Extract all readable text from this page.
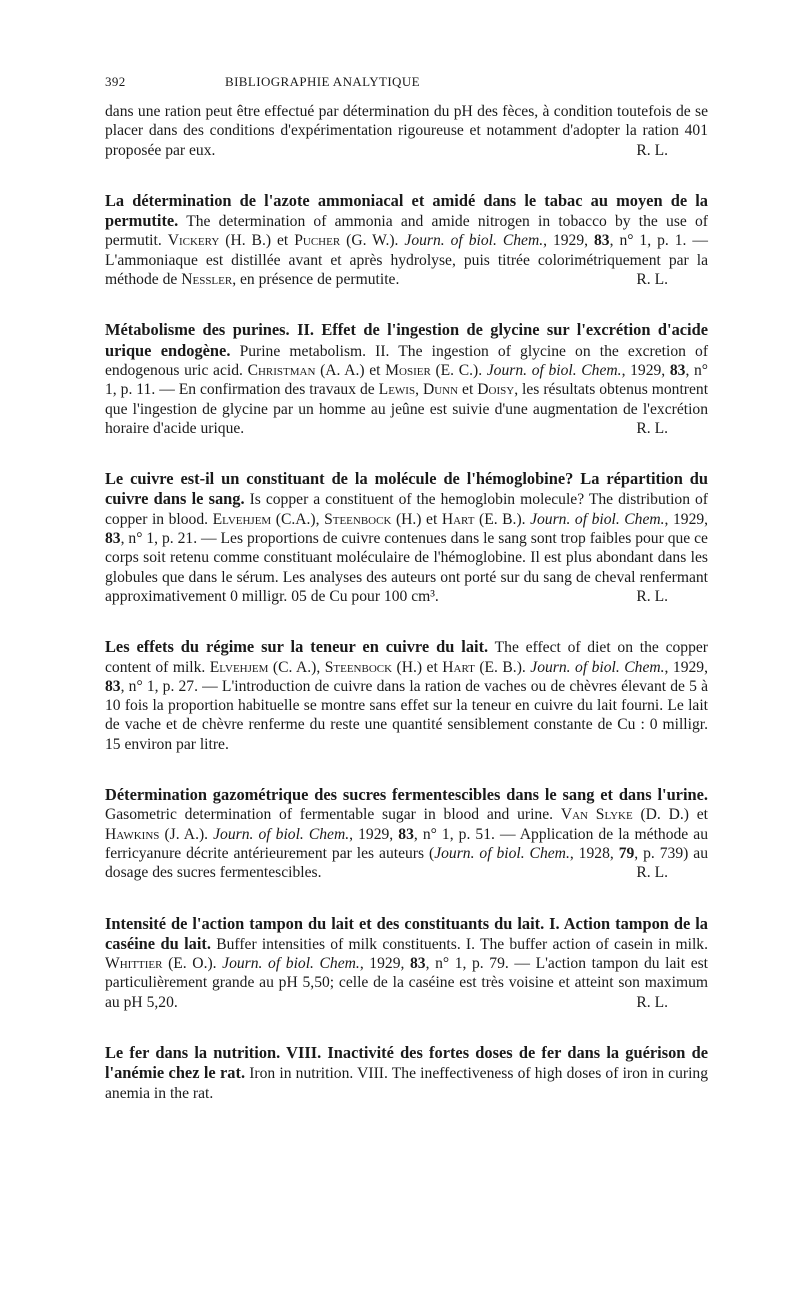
392	BIBLIOGRAPHIE ANALYTIQUE

dans une ration peut être effectué par détermination du pH des fèces, à condition toutefois de se placer dans des conditions d'expérimentation rigoureuse et notamment d'adopter la ration 401 proposée par eux.	R. L.

La détermination de l'azote ammoniacal et amidé dans le tabac au moyen de la permutite. The determination of ammonia and amide nitrogen in tobacco by the use of permutit. Vickery (H. B.) et Pucher (G. W.). Journ. of biol. Chem., 1929, 83, n° 1, p. 1. — L'ammoniaque est distillée avant et après hydrolyse, puis titrée colorimétriquement par la méthode de Nessler, en présence de permutite.	R. L.

Métabolisme des purines. II. Effet de l'ingestion de glycine sur l'excrétion d'acide urique endogène. Purine metabolism. II. The ingestion of glycine on the excretion of endogenous uric acid. Christman (A. A.) et Mosier (E. C.). Journ. of biol. Chem., 1929, 83, n° 1, p. 11. — En confirmation des travaux de Lewis, Dunn et Doisy, les résultats obtenus montrent que l'ingestion de glycine par un homme au jeûne est suivie d'une augmentation de l'excrétion horaire d'acide urique.	R. L.

Le cuivre est-il un constituant de la molécule de l'hémoglobine? La répartition du cuivre dans le sang. Is copper a constituent of the hemoglobin molecule? The distribution of copper in blood. Elvehjem (C.A.), Steenbock (H.) et Hart (E. B.). Journ. of biol. Chem., 1929, 83, n° 1, p. 21. — Les proportions de cuivre contenues dans le sang sont trop faibles pour que ce corps soit retenu comme constituant moléculaire de l'hémoglobine. Il est plus abondant dans les globules que dans le sérum. Les analyses des auteurs ont porté sur du sang de cheval renfermant approximativement 0 milligr. 05 de Cu pour 100 cm³.	R. L.

Les effets du régime sur la teneur en cuivre du lait. The effect of diet on the copper content of milk. Elvehjem (C. A.), Steenbock (H.) et Hart (E. B.). Journ. of biol. Chem., 1929, 83, n° 1, p. 27. — L'introduction de cuivre dans la ration de vaches ou de chèvres élevant de 5 à 10 fois la proportion habituelle se montre sans effet sur la teneur en cuivre du lait fourni. Le lait de vache et de chèvre renferme du reste une quantité sensiblement constante de Cu : 0 milligr. 15 environ par litre.

Détermination gazométrique des sucres fermentescibles dans le sang et dans l'urine. Gasometric determination of fermentable sugar in blood and urine. Van Slyke (D. D.) et Hawkins (J. A.). Journ. of biol. Chem., 1929, 83, n° 1, p. 51. — Application de la méthode au ferricyanure décrite antérieurement par les auteurs (Journ. of biol. Chem., 1928, 79, p. 739) au dosage des sucres fermentescibles.	R. L.

Intensité de l'action tampon du lait et des constituants du lait. I. Action tampon de la caséine du lait. Buffer intensities of milk constituents. I. The buffer action of casein in milk. Whittier (E. O.). Journ. of biol. Chem., 1929, 83, n° 1, p. 79. — L'action tampon du lait est particulièrement grande au pH 5,50; celle de la caséine est très voisine et atteint son maximum au pH 5,20.	R. L.

Le fer dans la nutrition. VIII. Inactivité des fortes doses de fer dans la guérison de l'anémie chez le rat. Iron in nutrition. VIII. The ineffectiveness of high doses of iron in curing anemia in the rat.
